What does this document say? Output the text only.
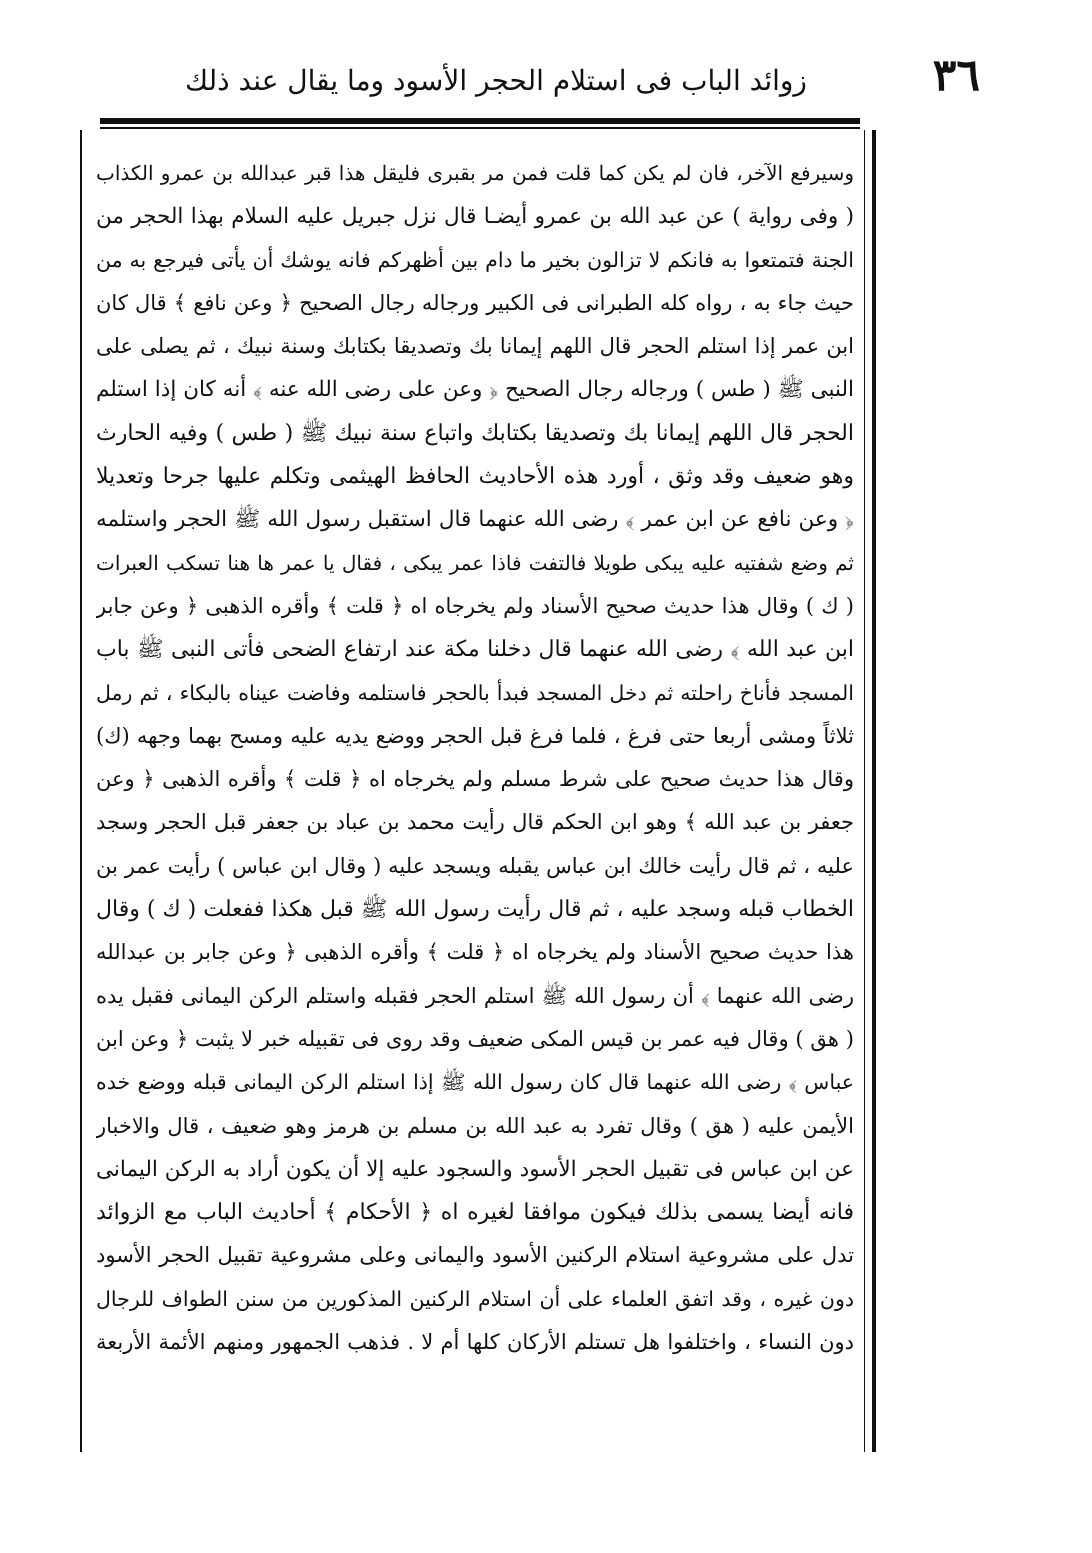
٣٦
زوائد الباب فى استلام الحجر الأسود وما يقال عند ذلك
وسيرفع الآخر، فان لم يكن كما قلت فمن مر بقبرى فليقل هذا قبر عبدالله بن عمرو الكذاب
( وفى رواية ) عن عبد الله بن عمرو أيضـا قال نزل جبريل عليه السلام بهذا الحجر من
الجنة فتمتعوا به فانكم لا تزالون بخير ما دام بين أظهركم فانه يوشك أن يأتى فيرجع به من
حيث جاء به ، رواه كله الطبرانى فى الكبير ورجاله رجال الصحيح ﴿ وعن نافع ﴾ قال كان
ابن عمر إذا استلم الحجر قال اللهم إيمانا بك وتصديقا بكتابك وسنة نبيك ، ثم يصلى على
النبى ﷺ ( طس ) ورجاله رجال الصحيح ﴿ وعن على رضى الله عنه ﴾ أنه كان إذا استلم
الحجر قال اللهم إيمانا بك وتصديقا بكتابك واتباع سنة نبيك ﷺ ( طس ) وفيه الحارث
وهو ضعيف وقد وثق ، أورد هذه الأحاديث الحافظ الهيثمى وتكلم عليها جرحا وتعديلا
﴿ وعن نافع عن ابن عمر ﴾ رضى الله عنهما قال استقبل رسول الله ﷺ الحجر واستلمه
ثم وضع شفتيه عليه يبكى طويلا فالتفت فاذا عمر يبكى ، فقال يا عمر ها هنا تسكب العبرات
( ك ) وقال هذا حديث صحيح الأسناد ولم يخرجاه اه ﴿ قلت ﴾ وأقره الذهبى ﴿ وعن جابر
ابن عبد الله ﴾ رضى الله عنهما قال دخلنا مكة عند ارتفاع الضحى فأتى النبى ﷺ باب
المسجد فأناخ راحلته ثم دخل المسجد فبدأ بالحجر فاستلمه وفاضت عيناه بالبكاء ، ثم رمل
ثلاثاً ومشى أربعا حتى فرغ ، فلما فرغ قبل الحجر ووضع يديه عليه ومسح بهما وجهه (ك)
وقال هذا حديث صحيح على شرط مسلم ولم يخرجاه اه ﴿ قلت ﴾ وأقره الذهبى ﴿ وعن
جعفر بن عبد الله ﴾ وهو ابن الحكم قال رأيت محمد بن عباد بن جعفر قبل الحجر وسجد
عليه ، ثم قال رأيت خالك ابن عباس يقبله ويسجد عليه ( وقال ابن عباس ) رأيت عمر بن
الخطاب قبله وسجد عليه ، ثم قال رأيت رسول الله ﷺ قبل هكذا ففعلت ( ك ) وقال
هذا حديث صحيح الأسناد ولم يخرجاه اه ﴿ قلت ﴾ وأقره الذهبى ﴿ وعن جابر بن عبدالله
رضى الله عنهما ﴾ أن رسول الله ﷺ استلم الحجر فقبله واستلم الركن اليمانى فقبل يده
( هق ) وقال فيه عمر بن قيس المكى ضعيف وقد روى فى تقبيله خبر لا يثبت ﴿ وعن ابن
عباس ﴾ رضى الله عنهما قال كان رسول الله ﷺ إذا استلم الركن اليمانى قبله ووضع خده
الأيمن عليه ( هق ) وقال تفرد به عبد الله بن مسلم بن هرمز وهو ضعيف ، قال والاخبار
عن ابن عباس فى تقبيل الحجر الأسود والسجود عليه إلا أن يكون أراد به الركن اليمانى
فانه أيضا يسمى بذلك فيكون موافقا لغيره اه ﴿ الأحكام ﴾ أحاديث الباب مع الزوائد
تدل على مشروعية استلام الركنين الأسود واليمانى وعلى مشروعية تقبيل الحجر الأسود
دون غيره ، وقد اتفق العلماء على أن استلام الركنين المذكورين من سنن الطواف للرجال
دون النساء ، واختلفوا هل تستلم الأركان كلها أم لا . فذهب الجمهور ومنهم الأئمة الأربعة
